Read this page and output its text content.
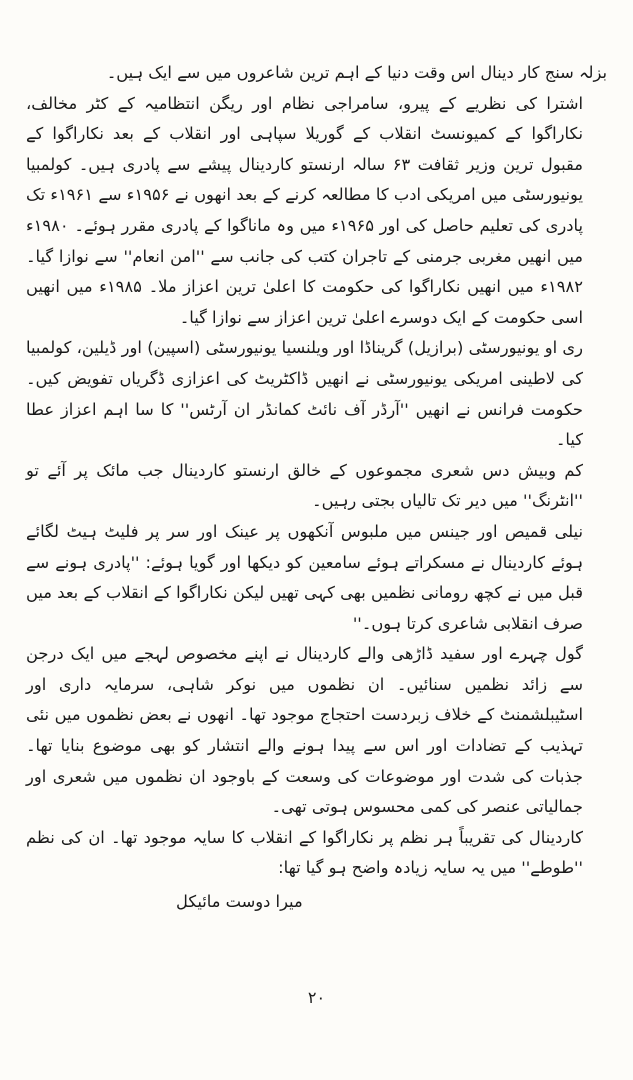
بزلہ سنج کار دینال اس وقت دنیا کے اہم ترین شاعروں میں سے ایک ہیں۔

اشترا کی نظریے کے پیرو، سامراجی نظام اور ریگن انتظامیہ کے کٹر مخالف، نکاراگوا کے کمیونسٹ انقلاب کے گوریلا سپاہی اور انقلاب کے بعد نکاراگوا کے مقبول ترین وزیر ثقافت ۶۳ سالہ ارنستو کاردینال پیشے سے پادری ہیں۔ کولمبیا یونیورسٹی میں امریکی ادب کا مطالعہ کرنے کے بعد انھوں نے ۱۹۵۶ء سے ۱۹۶۱ء تک پادری کی تعلیم حاصل کی اور ۱۹۶۵ء میں وہ ماناگوا کے پادری مقرر ہوئے۔ ۱۹۸۰ء میں انھیں مغربی جرمنی کے تاجران کتب کی جانب سے ''امن انعام'' سے نوازا گیا۔ ۱۹۸۲ء میں انھیں نکاراگوا کی حکومت کا اعلیٰ ترین اعزاز ملا۔ ۱۹۸۵ء میں انھیں اسی حکومت کے ایک دوسرے اعلیٰ ترین اعزاز سے نوازا گیا۔

ری او یونیورسٹی (برازیل) گریناڈا اور ویلنسیا یونیورسٹی (اسپین) اور ڈیلین، کولمبیا کی لاطینی امریکی یونیورسٹی نے انھیں ڈاکٹریٹ کی اعزازی ڈگریاں تفویض کیں۔ حکومت فرانس نے انھیں ''آرڈر آف نائٹ کمانڈر ان آرٹس'' کا سا اہم اعزاز عطا کیا۔

کم وبیش دس شعری مجموعوں کے خالق ارنستو کاردینال جب مائک پر آئے تو ''انٹرنگ'' میں دیر تک تالیاں بجتی رہیں۔

نیلی قمیص اور جینس میں ملبوس آنکھوں پر عینک اور سر پر فلیٹ ہیٹ لگائے ہوئے کاردینال نے مسکراتے ہوئے سامعین کو دیکھا اور گویا ہوئے: ''پادری ہونے سے قبل میں نے کچھ رومانی نظمیں بھی کہی تھیں لیکن نکاراگوا کے انقلاب کے بعد میں صرف انقلابی شاعری کرتا ہوں۔''

گول چہرے اور سفید ڈاڑھی والے کاردینال نے اپنے مخصوص لہجے میں ایک درجن سے زائد نظمیں سنائیں۔ ان نظموں میں نوکر شاہی، سرمایہ داری اور اسٹیبلشمنٹ کے خلاف زبردست احتجاج موجود تھا۔ انھوں نے بعض نظموں میں نئی تہذیب کے تضادات اور اس سے پیدا ہونے والے انتشار کو بھی موضوع بنایا تھا۔ جذبات کی شدت اور موضوعات کی وسعت کے باوجود ان نظموں میں شعری اور جمالیاتی عنصر کی کمی محسوس ہوتی تھی۔

کاردینال کی تقریباً ہر نظم پر نکاراگوا کے انقلاب کا سایہ موجود تھا۔ ان کی نظم ''طوطے'' میں یہ سایہ زیادہ واضح ہو گیا تھا:

میرا دوست مائیکل
۲۰
